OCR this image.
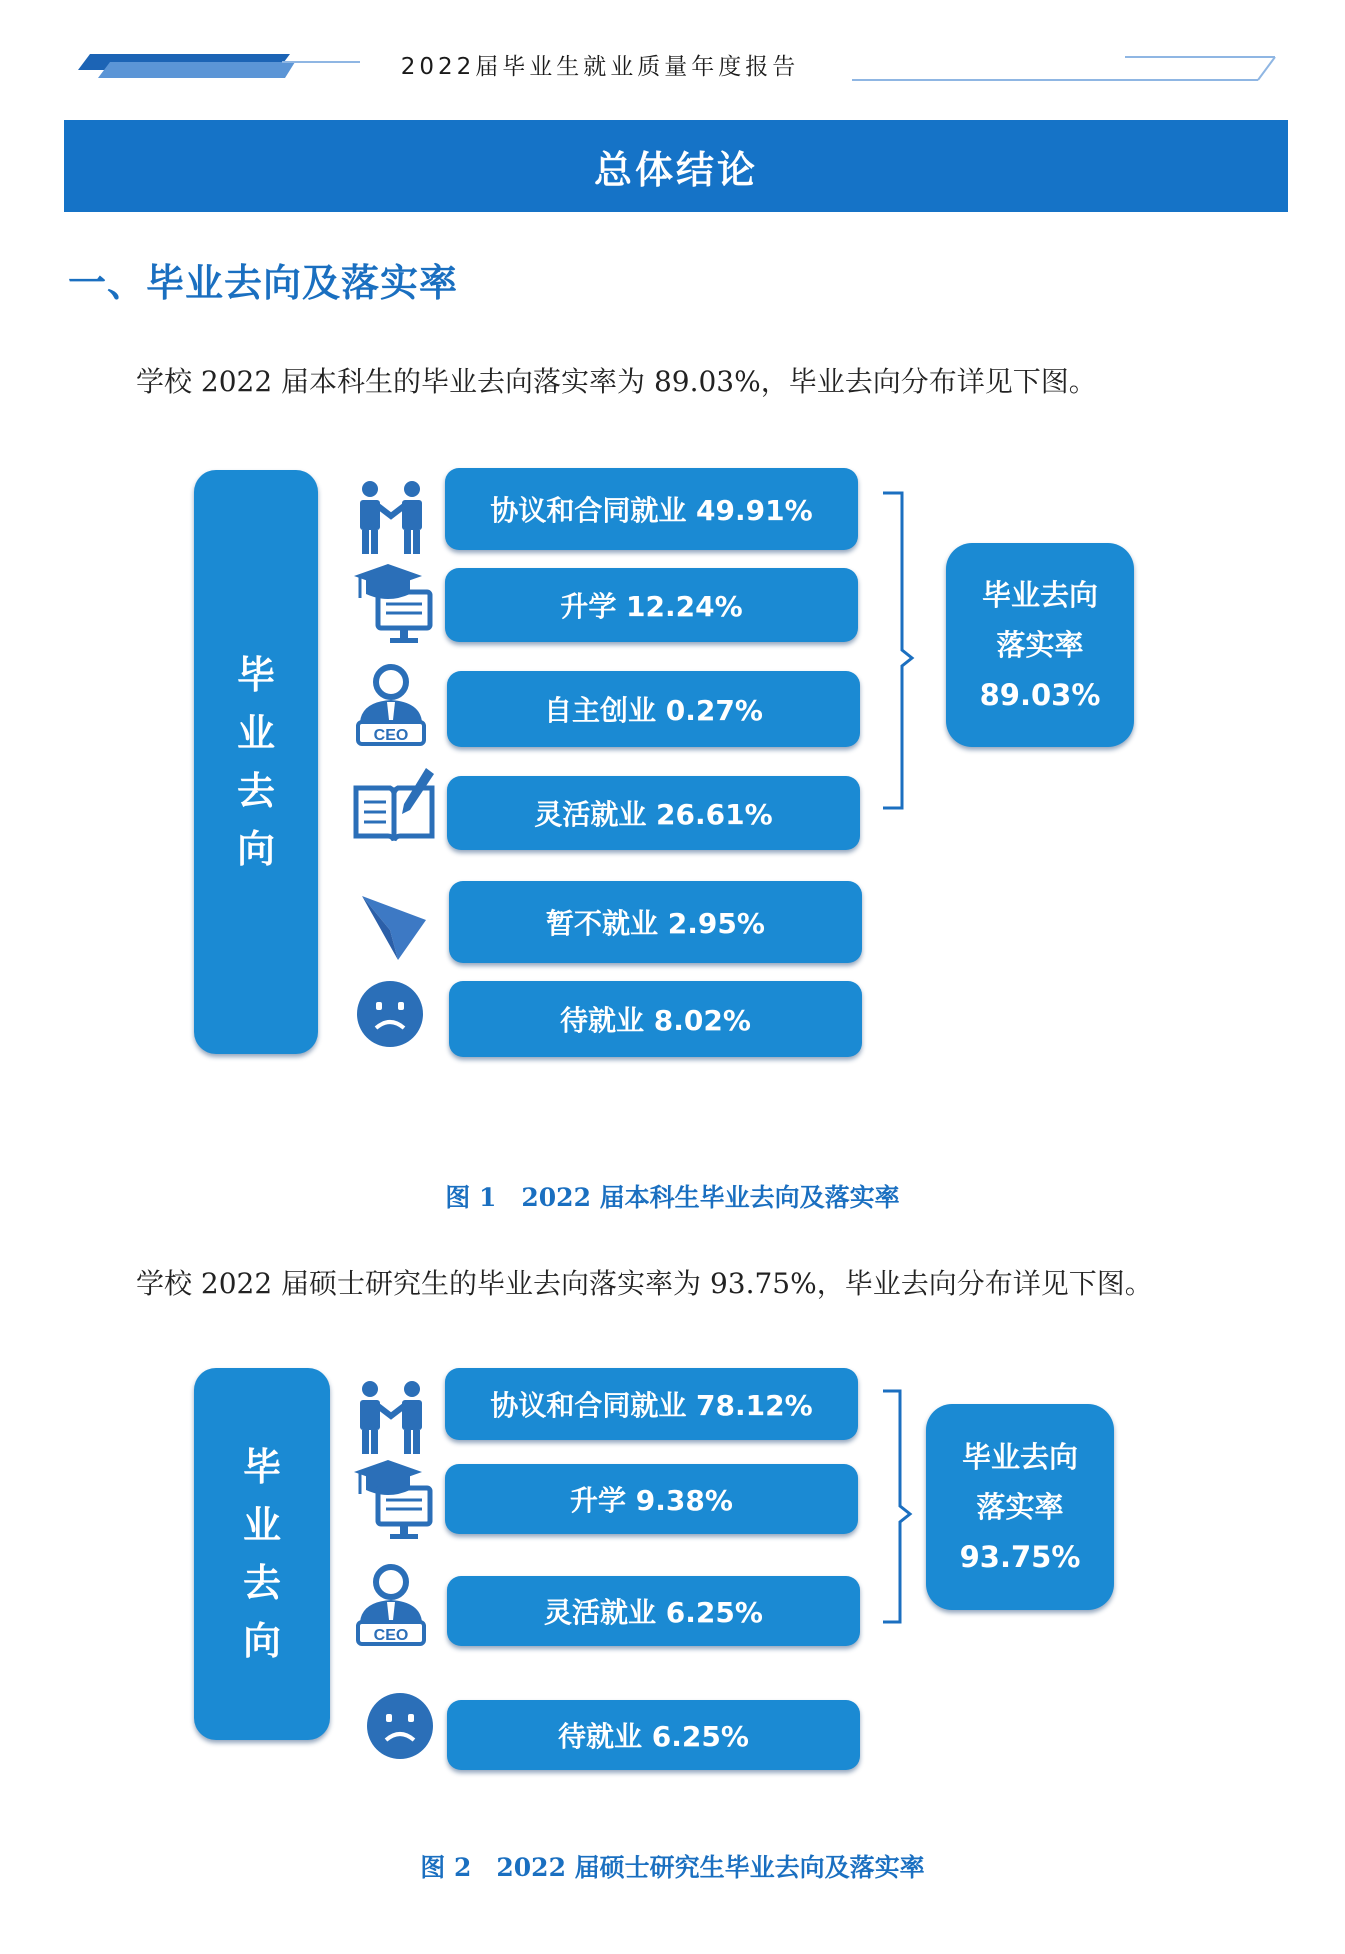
2022届毕业生就业质量年度报告
总体结论
一、毕业去向及落实率
学校 2022 届本科生的毕业去向落实率为 89.03%，毕业去向分布详见下图。
毕
业
去
向
协议和合同就业 49.91%
升学 12.24%
自主创业 0.27%
灵活就业 26.61%
暂不就业 2.95%
待就业 8.02%
毕业去向
落实率
89.03%
CEO
图 1　2022 届本科生毕业去向及落实率
学校 2022 届硕士研究生的毕业去向落实率为 93.75%，毕业去向分布详见下图。
毕
业
去
向
协议和合同就业 78.12%
升学 9.38%
灵活就业 6.25%
待就业 6.25%
毕业去向
落实率
93.75%
CEO
图 2　2022 届硕士研究生毕业去向及落实率
